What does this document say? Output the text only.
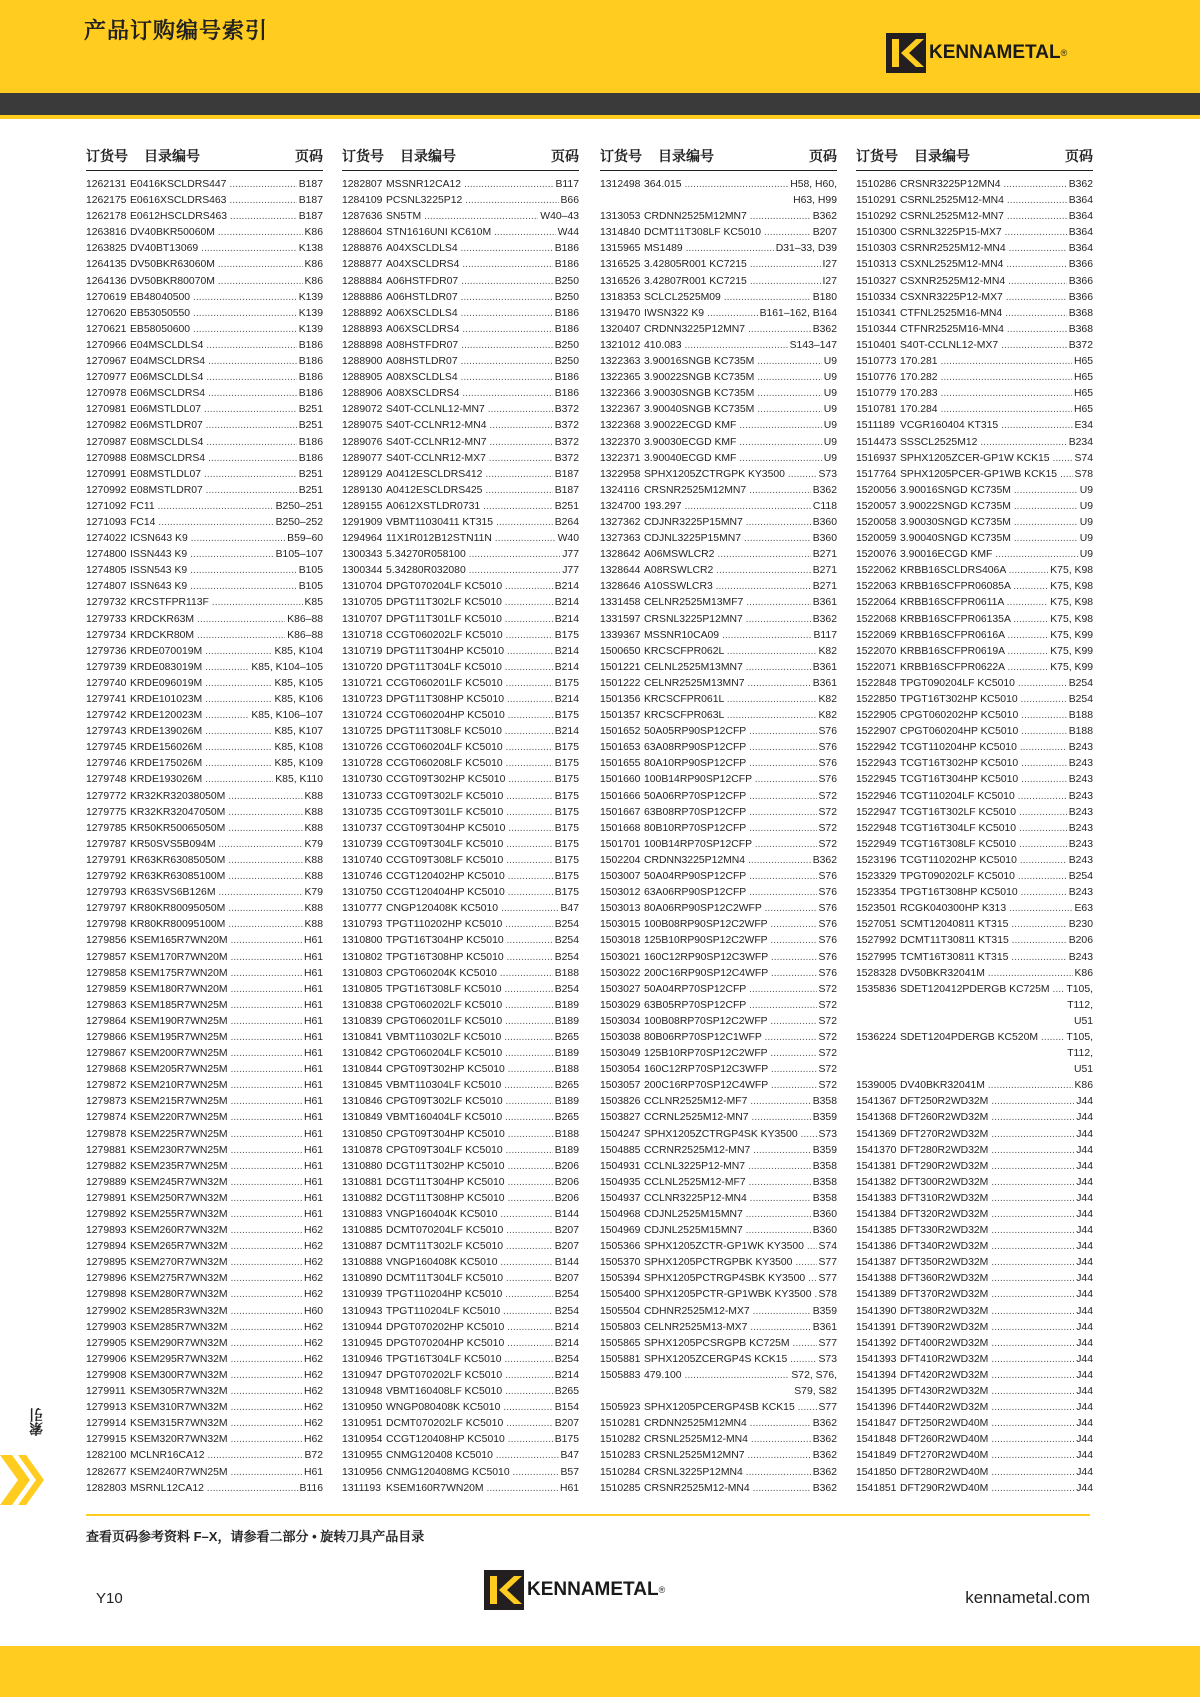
产品订购编号索引
KENNAMETAL ®
订货号 目录编号	页码
1262131 E0416KSCLDRS447 .....	B187
1262175 E0616XSCLDRS463 .....	B187
1262178 E0612HSCLDRS463 .....	B187
1263816 DV40BKR50060M .....	K86
1263825 DV40BT13069 .....	K138
1264135 DV50BKR63060M .....	K86
1264136 DV50BKR80070M .....	K86
1270619 EB48040500 .....	K139
1270620 EB53050550 .....	K139
1270621 EB58050600 .....	K139
1270966 E04MSCLDLS4 .....	B186
1270967 E04MSCLDRS4 .....	B186
1270977 E06MSCLDLS4 .....	B186
1270978 E06MSCLDRS4 .....	B186
1270981 E06MSTLDL07 .....	B251
1270982 E06MSTLDR07 .....	B251
1270987 E08MSCLDLS4 .....	B186
1270988 E08MSCLDRS4 .....	B186
1270991 E08MSTLDL07 .....	B251
1270992 E08MSTLDR07 .....	B251
1271092 FC11 .....	B250–251
1271093 FC14 .....	B250–252
1274022 ICSN643 K9 .....	B59–60
1274800 ISSN443 K9 .....	B105–107
1274805 ISSN543 K9 .....	B105
1274807 ISSN643 K9 .....	B105
1279732 KRCSTFPR113F .....	K85
1279733 KRDCKR63M .....	K86–88
1279734 KRDCKR80M .....	K86–88
1279736 KRDE070019M .....	K85, K104
1279739 KRDE083019M .....	K85, K104–105
1279740 KRDE096019M .....	K85, K105
1279741 KRDE101023M .....	K85, K106
1279742 KRDE120023M .....	K85, K106–107
1279743 KRDE139026M .....	K85, K107
1279745 KRDE156026M .....	K85, K108
1279746 KRDE175026M .....	K85, K109
1279748 KRDE193026M .....	K85, K110
1279772 KR32KR32038050M .....	K88
1279775 KR32KR32047050M .....	K88
1279785 KR50KR50065050M .....	K88
1279787 KR50SVS5B094M .....	K79
1279791 KR63KR63085050M .....	K88
1279792 KR63KR63085100M .....	K88
1279793 KR63SVS6B126M .....	K79
1279797 KR80KR80095050M .....	K88
1279798 KR80KR80095100M .....	K88
1279856 KSEM165R7WN20M .....	H61
1279857 KSEM170R7WN20M .....	H61
1279858 KSEM175R7WN20M .....	H61
1279859 KSEM180R7WN20M .....	H61
1279863 KSEM185R7WN25M .....	H61
1279864 KSEM190R7WN25M .....	H61
1279866 KSEM195R7WN25M .....	H61
1279867 KSEM200R7WN25M .....	H61
1279868 KSEM205R7WN25M .....	H61
1279872 KSEM210R7WN25M .....	H61
1279873 KSEM215R7WN25M .....	H61
1279874 KSEM220R7WN25M .....	H61
1279878 KSEM225R7WN25M .....	H61
1279881 KSEM230R7WN25M .....	H61
1279882 KSEM235R7WN25M .....	H61
1279889 KSEM245R7WN32M .....	H61
1279891 KSEM250R7WN32M .....	H61
1279892 KSEM255R7WN32M .....	H61
1279893 KSEM260R7WN32M .....	H62
1279894 KSEM265R7WN32M .....	H62
1279895 KSEM270R7WN32M .....	H62
1279896 KSEM275R7WN32M .....	H62
1279898 KSEM280R7WN32M .....	H62
1279902 KSEM285R3WN32M .....	H60
1279903 KSEM285R7WN32M .....	H62
1279905 KSEM290R7WN32M .....	H62
1279906 KSEM295R7WN32M .....	H62
1279908 KSEM300R7WN32M .....	H62
1279911 KSEM305R7WN32M .....	H62
1279913 KSEM310R7WN32M .....	H62
1279914 KSEM315R7WN32M .....	H62
1279915 KSEM320R7WN32M .....	H62
1282100 MCLNR16CA12 .....	B72
1282677 KSEM240R7WN25M .....	H61
1282803 MSRNL12CA12 .....	B116
订货号 目录编号	页码
1282807 MSSNR12CA12 .....	B117
1284109 PCSNL3225P12 .....	B66
1287636 SN5TM .....	W40–43
1288604 STN1616UNI KC610M .....	W44
1288876 A04XSCLDLS4 .....	B186
1288877 A04XSCLDRS4 .....	B186
1288884 A06HSTFDR07 .....	B250
1288886 A06HSTLDR07 .....	B250
1288892 A06XSCLDLS4 .....	B186
1288893 A06XSCLDRS4 .....	B186
1288898 A08HSTFDR07 .....	B250
1288900 A08HSTLDR07 .....	B250
1288905 A08XSCLDLS4 .....	B186
1288906 A08XSCLDRS4 .....	B186
1289072 S40T-CCLNL12-MN7 .....	B372
1289075 S40T-CCLNR12-MN4 .....	B372
1289076 S40T-CCLNR12-MN7 .....	B372
1289077 S40T-CCLNR12-MX7 .....	B372
1289129 A0412ESCLDRS412 .....	B187
1289130 A0412ESCLDRS425 .....	B187
1289155 A0612XSTLDR0731 .....	B251
1291909 VBMT11030411 KT315 .....	B264
1294964 11X1R012B12STN11N .....	W40
1300343 5.34270R058100 .....	J77
1300344 5.34280R032080 .....	J77
1310704 DPGT070204LF KC5010 .....	B214
1310705 DPGT11T302LF KC5010 .....	B214
1310707 DPGT11T301LF KC5010 .....	B214
1310718 CCGT060202LF KC5010 .....	B175
1310719 DPGT11T304HP KC5010 .....	B214
1310720 DPGT11T304LF KC5010 .....	B214
1310721 CCGT060201LF KC5010 .....	B175
1310723 DPGT11T308HP KC5010 .....	B214
1310724 CCGT060204HP KC5010 .....	B175
1310725 DPGT11T308LF KC5010 .....	B214
1310726 CCGT060204LF KC5010 .....	B175
1310728 CCGT060208LF KC5010 .....	B175
1310730 CCGT09T302HP KC5010 .....	B175
1310733 CCGT09T302LF KC5010 .....	B175
1310735 CCGT09T301LF KC5010 .....	B175
1310737 CCGT09T304HP KC5010 .....	B175
1310739 CCGT09T304LF KC5010 .....	B175
1310740 CCGT09T308LF KC5010 .....	B175
1310746 CCGT120402HP KC5010 .....	B175
1310750 CCGT120404HP KC5010 .....	B175
1310777 CNGP120408K KC5010 .....	B47
1310793 TPGT110202HP KC5010 .....	B254
1310800 TPGT16T304HP KC5010 .....	B254
1310802 TPGT16T308HP KC5010 .....	B254
1310803 CPGT060204K KC5010 .....	B188
1310805 TPGT16T308LF KC5010 .....	B254
1310838 CPGT060202LF KC5010 .....	B189
1310839 CPGT060201LF KC5010 .....	B189
1310841 VBMT110302LF KC5010 .....	B265
1310842 CPGT060204LF KC5010 .....	B189
1310844 CPGT09T302HP KC5010 .....	B188
1310845 VBMT110304LF KC5010 .....	B265
1310846 CPGT09T302LF KC5010 .....	B189
1310849 VBMT160404LF KC5010 .....	B265
1310850 CPGT09T304HP KC5010 .....	B188
1310878 CPGT09T304LF KC5010 .....	B189
1310880 DCGT11T302HP KC5010 .....	B206
1310881 DCGT11T304HP KC5010 .....	B206
1310882 DCGT11T308HP KC5010 .....	B206
1310883 VNGP160404K KC5010 .....	B144
1310885 DCMT070204LF KC5010 .....	B207
1310887 DCMT11T302LF KC5010 .....	B207
1310888 VNGP160408K KC5010 .....	B144
1310890 DCMT11T304LF KC5010 .....	B207
1310939 TPGT110204HP KC5010 .....	B254
1310943 TPGT110204LF KC5010 .....	B254
1310944 DPGT070202HP KC5010 .....	B214
1310945 DPGT070204HP KC5010 .....	B214
1310946 TPGT16T304LF KC5010 .....	B254
1310947 DPGT070202LF KC5010 .....	B214
1310948 VBMT160408LF KC5010 .....	B265
1310950 WNGP080408K KC5010 .....	B154
1310951 DCMT070202LF KC5010 .....	B207
1310954 CCGT120408HP KC5010 .....	B175
1310955 CNMG120408 KC5010 .....	B47
1310956 CNMG120408MG KC5010 .....	B57
1311193 KSEM160R7WN20M .....	H61
订货号 目录编号	页码
1312498 364.015 .....	H58, H60,
H63, H99
1313053 CRDNN2525M12MN7 .....	B362
1314840 DCMT11T308LF KC5010 .....	B207
1315965 MS1489 .....	D31–33, D39
1316525 3.42805R001 KC7215 .....	I27
1316526 3.42807R001 KC7215 .....	I27
1318353 SCLCL2525M09 .....	B180
1319470 IWSN322 K9 .....	B161–162, B164
1320407 CRDNN3225P12MN7 .....	B362
1321012 410.083 .....	S143–147
1322363 3.90016SNGB KC735M .....	U9
1322365 3.90022SNGB KC735M .....	U9
1322366 3.90030SNGB KC735M .....	U9
1322367 3.90040SNGB KC735M .....	U9
1322368 3.90022ECGD KMF .....	U9
1322370 3.90030ECGD KMF .....	U9
1322371 3.90040ECGD KMF .....	U9
1322958 SPHX1205ZCTRGPK KY3500 .....	S73
1324116 CRSNR2525M12MN7 .....	B362
1324700 193.297 .....	C118
1327362 CDJNR3225P15MN7 .....	B360
1327363 CDJNL3225P15MN7 .....	B360
1328642 A06MSWLCR2 .....	B271
1328644 A08RSWLCR2 .....	B271
1328646 A10SSWLCR3 .....	B271
1331458 CELNR2525M13MF7 .....	B361
1331597 CRSNL3225P12MN7 .....	B362
1339367 MSSNR10CA09 .....	B117
1500650 KRCSCFPR062L .....	K82
1501221 CELNL2525M13MN7 .....	B361
1501222 CELNR2525M13MN7 .....	B361
1501356 KRCSCFPR061L .....	K82
1501357 KRCSCFPR063L .....	K82
1501652 50A05RP90SP12CFP .....	S76
1501653 63A08RP90SP12CFP .....	S76
1501655 80A10RP90SP12CFP .....	S76
1501660 100B14RP90SP12CFP .....	S76
1501666 50A06RP70SP12CFP .....	S72
1501667 63B08RP70SP12CFP .....	S72
1501668 80B10RP70SP12CFP .....	S72
1501701 100B14RP70SP12CFP .....	S72
1502204 CRDNN3225P12MN4 .....	B362
1503007 50A04RP90SP12CFP .....	S76
1503012 63A06RP90SP12CFP .....	S76
1503013 80A06RP90SP12C2WFP .....	S76
1503015 100B08RP90SP12C2WFP .....	S76
1503018 125B10RP90SP12C2WFP .....	S76
1503021 160C12RP90SP12C3WFP .....	S76
1503022 200C16RP90SP12C4WFP .....	S76
1503027 50A04RP70SP12CFP .....	S72
1503029 63B05RP70SP12CFP .....	S72
1503034 100B08RP70SP12C2WFP .....	S72
1503038 80B06RP70SP12C1WFP .....	S72
1503049 125B10RP70SP12C2WFP .....	S72
1503054 160C12RP70SP12C3WFP .....	S72
1503057 200C16RP70SP12C4WFP .....	S72
1503826 CCLNR2525M12-MF7 .....	B358
1503827 CCRNL2525M12-MN7 .....	B359
1504247 SPHX1205ZCTRGP4SK KY3500 .....	S73
1504885 CCRNR2525M12-MN7 .....	B359
1504931 CCLNL3225P12-MN7 .....	B358
1504935 CCLNL2525M12-MF7 .....	B358
1504937 CCLNR3225P12-MN4 .....	B358
1504968 CDJNL2525M15MN7 .....	B360
1504969 CDJNL2525M15MN7 .....	B360
1505366 SPHX1205ZCTR-GP1WK KY3500 .....	S74
1505370 SPHX1205PCTRGPBK KY3500 .....	S77
1505394 SPHX1205PCTRGP4SBK KY3500 .....	S77
1505400 SPHX1205PCTR-GP1WBK KY3500 ..... S78
1505504 CDHNR2525M12-MX7 .....	B359
1505803 CELNR2525M13-MX7 .....	B361
1505865 SPHX1205PCSRGPB KC725M .....	S77
1505881 SPHX1205ZCERGP4S KCK15 .....	S73
1505883 479.100 .....	S72, S76,
S79, S82
1505923 SPHX1205PCERGP4SB KCK15 .....	S77
1510281 CRDNN2525M12MN4 .....	B362
1510282 CRSNL2525M12-MN4 .....	B362
1510283 CRSNL2525M12MN7 .....	B362
1510284 CRSNL3225P12MN4 .....	B362
1510285 CRSNR2525M12-MN4 .....	B362
订货号 目录编号	页码
1510286 CRSNR3225P12MN4 .....	B362
1510291 CSRNL2525M12-MN4 .....	B364
1510292 CSRNL2525M12-MN7 .....	B364
1510300 CSRNL3225P15-MX7 .....	B364
1510303 CSRNR2525M12-MN4 .....	B364
1510313 CSXNL2525M12-MN4 .....	B366
1510327 CSXNR2525M12-MN4 .....	B366
1510334 CSXNR3225P12-MX7 .....	B366
1510341 CTFNL2525M16-MN4 .....	B368
1510344 CTFNR2525M16-MN4 .....	B368
1510401 S40T-CCLNL12-MX7 .....	B372
1510773 170.281 .....	H65
1510776 170.282 .....	H65
1510779 170.283 .....	H65
1510781 170.284 .....	H65
1511189 VCGR160404 KT315 .....	E34
1514473 SSSCL2525M12 .....	B234
1516937 SPHX1205ZCER-GP1W KCK15 .....	S74
1517764 SPHX1205PCER-GP1WB KCK15 .....	S78
1520056 3.90016SNGD KC735M .....	U9
1520057 3.90022SNGD KC735M .....	U9
1520058 3.90030SNGD KC735M .....	U9
1520059 3.90040SNGD KC735M .....	U9
1520076 3.90016ECGD KMF .....	U9
1522062 KRBB16SCLDRS406A .....	K75, K98
1522063 KRBB16SCFPR06085A .....	K75, K98
1522064 KRBB16SCFPR0611A .....	K75, K98
1522068 KRBB16SCFPR06135A .....	K75, K98
1522069 KRBB16SCFPR0616A .....	K75, K99
1522070 KRBB16SCFPR0619A .....	K75, K99
1522071 KRBB16SCFPR0622A .....	K75, K99
1522848 TPGT090204LF KC5010 .....	B254
1522850 TPGT16T302HP KC5010 .....	B254
1522905 CPGT060202HP KC5010 .....	B188
1522907 CPGT060204HP KC5010 .....	B188
1522942 TCGT110204HP KC5010 .....	B243
1522943 TCGT16T302HP KC5010 .....	B243
1522945 TCGT16T304HP KC5010 .....	B243
1522946 TCGT110204LF KC5010 .....	B243
1522947 TCGT16T302LF KC5010 .....	B243
1522948 TCGT16T304LF KC5010 .....	B243
1522949 TCGT16T308LF KC5010 .....	B243
1523196 TCGT110202HP KC5010 .....	B243
1523329 TPGT090202LF KC5010 .....	B254
1523354 TPGT16T308HP KC5010 .....	B243
1523501 RCGK040300HP K313 .....	E63
1527051 SCMT12040811 KT315 .....	B230
1527992 DCMT11T30811 KT315 .....	B206
1527995 TCMT16T30811 KT315 .....	B243
1528328 DV50BKR32041M .....	K86
1535836 SDET120412PDERGB KC725M .....	T105,
T112,
U51
1536224 SDET1204PDERGB KC520M .....	T105,
T112,
U51
1539005 DV40BKR32041M .....	K86
1541367 DFT250R2WD32M .....	J44
1541368 DFT260R2WD32M .....	J44
1541369 DFT270R2WD32M .....	J44
1541370 DFT280R2WD32M .....	J44
1541381 DFT290R2WD32M .....	J44
1541382 DFT300R2WD32M .....	J44
1541383 DFT310R2WD32M .....	J44
1541384 DFT320R2WD32M .....	J44
1541385 DFT330R2WD32M .....	J44
1541386 DFT340R2WD32M .....	J44
1541387 DFT350R2WD32M .....	J44
1541388 DFT360R2WD32M .....	J44
1541389 DFT370R2WD32M .....	J44
1541390 DFT380R2WD32M .....	J44
1541391 DFT390R2WD32M .....	J44
1541392 DFT400R2WD32M .....	J44
1541393 DFT410R2WD32M .....	J44
1541394 DFT420R2WD32M .....	J44
1541395 DFT430R2WD32M .....	J44
1541396 DFT440R2WD32M .....	J44
1541847 DFT250R2WD40M .....	J44
1541848 DFT260R2WD40M .....	J44
1541849 DFT270R2WD40M .....	J44
1541850 DFT280R2WD40M .....	J44
1541851 DFT290R2WD40M .....	J44
索引
查看页码参考资料 F–X，请参看二部分 • 旋转刀具产品目录
Y10	KENNAMETAL ®	kennametal.com
